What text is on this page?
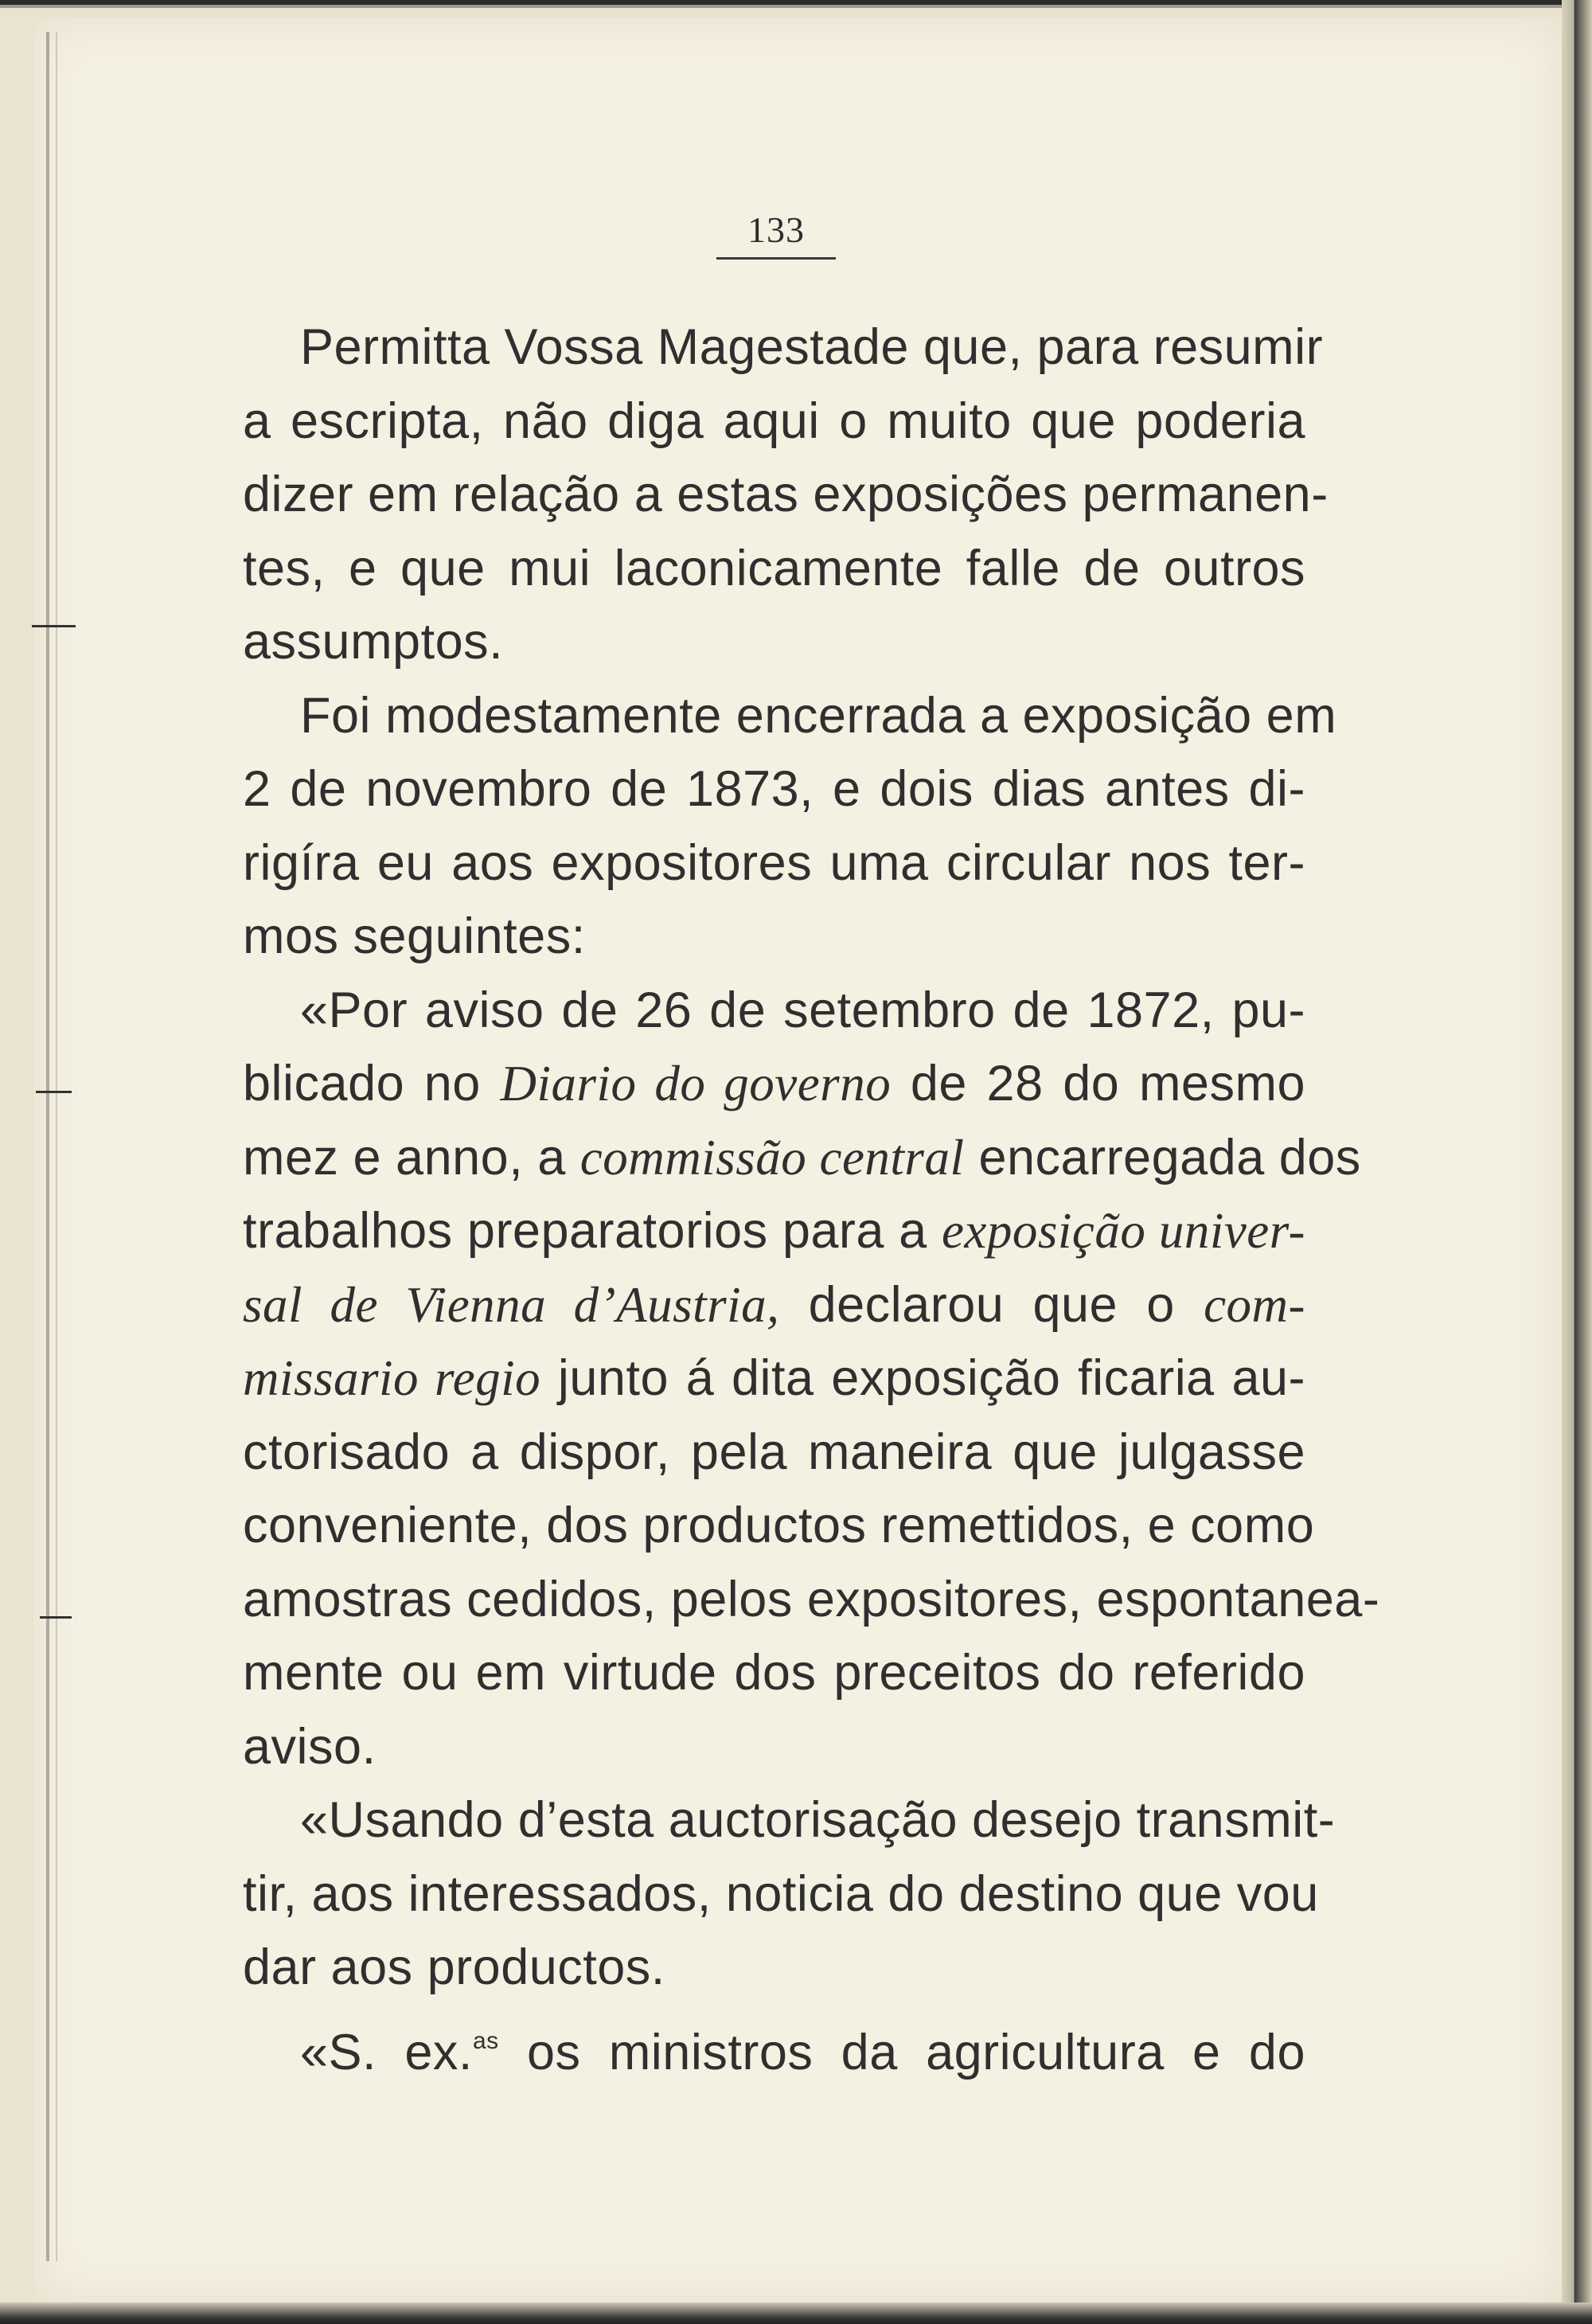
133
Permitta Vossa Magestade que, para resumir
a escripta, não diga aqui o muito que poderia
dizer em relação a estas exposições permanen-
tes, e que mui laconicamente falle de outros
assumptos.
Foi modestamente encerrada a exposição em
2 de novembro de 1873, e dois dias antes di-
rigíra eu aos expositores uma circular nos ter-
mos seguintes:
«Por aviso de 26 de setembro de 1872, pu-
blicado no Diario do governo de 28 do mesmo
mez e anno, a commissão central encarregada dos
trabalhos preparatorios para a exposição univer-
sal de Vienna d’Austria, declarou que o com-
missario regio junto á dita exposição ficaria au-
ctorisado a dispor, pela maneira que julgasse
conveniente, dos productos remettidos, e como
amostras cedidos, pelos expositores, espontanea-
mente ou em virtude dos preceitos do referido
aviso.
«Usando d’esta auctorisação desejo transmit-
tir, aos interessados, noticia do destino que vou
dar aos productos.
«S. ex.$^{as}$ os ministros da agricultura e do
